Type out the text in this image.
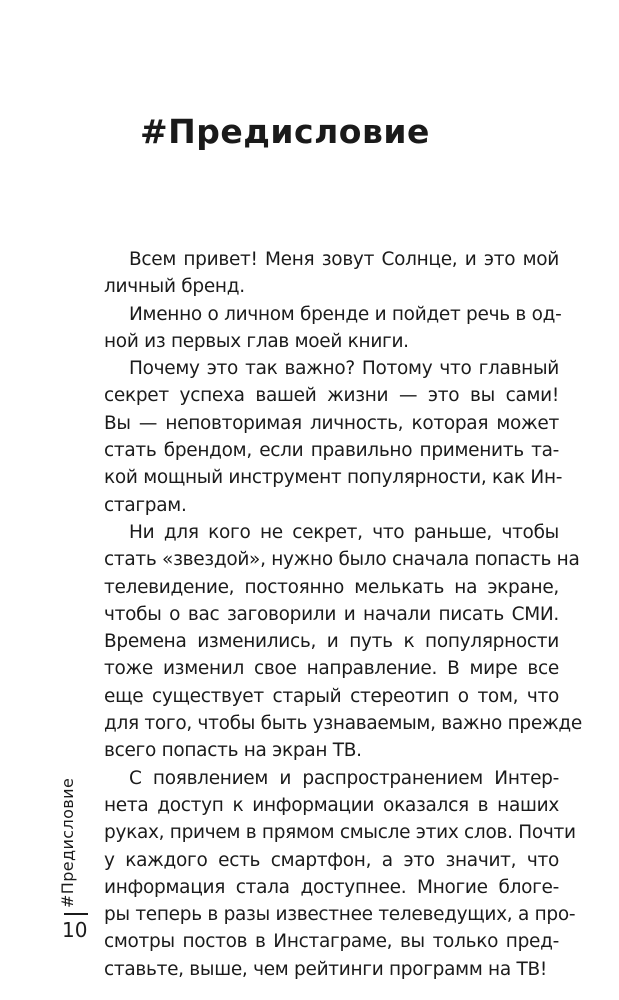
#Предисловие
Всем привет! Меня зовут Солнце, и это мой
личный бренд.
Именно о личном бренде и пойдет речь в од-
ной из первых глав моей книги.
Почему это так важно? Потому что главный
секрет успеха вашей жизни — это вы сами!
Вы — неповторимая личность, которая может
стать брендом, если правильно применить та-
кой мощный инструмент популярности, как Ин-
стаграм.
Ни для кого не секрет, что раньше, чтобы
стать «звездой», нужно было сначала попасть на
телевидение, постоянно мелькать на экране,
чтобы о вас заговорили и начали писать СМИ.
Времена изменились, и путь к популярности
тоже изменил свое направление. В мире все
еще существует старый стереотип о том, что
для того, чтобы быть узнаваемым, важно прежде
всего попасть на экран ТВ.
С появлением и распространением Интер-
нета доступ к информации оказался в наших
руках, причем в прямом смысле этих слов. Почти
у каждого есть смартфон, а это значит, что
информация стала доступнее. Многие блоге-
ры теперь в разы известнее телеведущих, а про-
смотры постов в Инстаграме, вы только пред-
ставьте, выше, чем рейтинги программ на ТВ!
#Предисловие
10
